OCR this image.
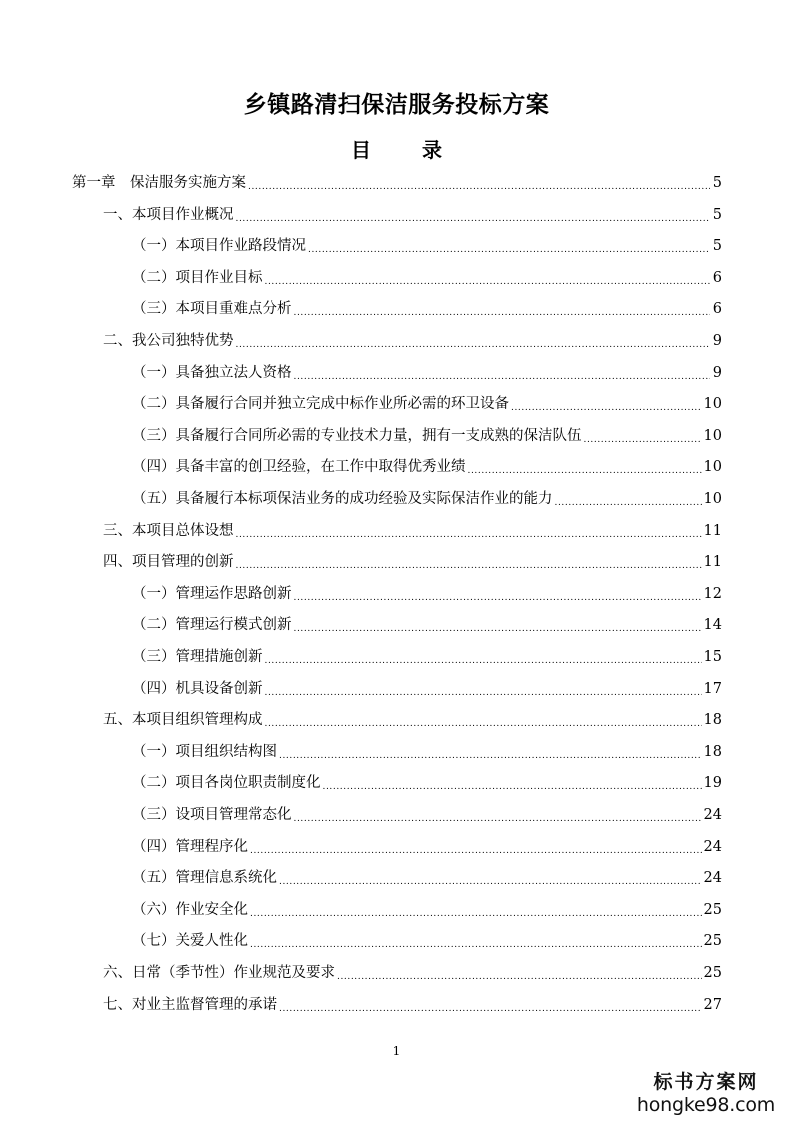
乡镇路清扫保洁服务投标方案
目 录
第一章　保洁服务实施方案 .....	5
一、本项目作业概况 .....	5
（一）本项目作业路段情况 .....	5
（二）项目作业目标 .....	6
（三）本项目重难点分析 .....	6
二、我公司独特优势 .....	9
（一）具备独立法人资格 .....	9
（二）具备履行合同并独立完成中标作业所必需的环卫设备 .....	10
（三）具备履行合同所必需的专业技术力量，拥有一支成熟的保洁队伍 .....	10
（四）具备丰富的创卫经验，在工作中取得优秀业绩 .....	10
（五）具备履行本标项保洁业务的成功经验及实际保洁作业的能力 .....	10
三、本项目总体设想 .....	11
四、项目管理的创新 .....	11
（一）管理运作思路创新 .....	12
（二）管理运行模式创新 .....	14
（三）管理措施创新 .....	15
（四）机具设备创新 .....	17
五、本项目组织管理构成 .....	18
（一）项目组织结构图 .....	18
（二）项目各岗位职责制度化 .....	19
（三）设项目管理常态化 .....	24
（四）管理程序化 .....	24
（五）管理信息系统化 .....	24
（六）作业安全化 .....	25
（七）关爱人性化 .....	25
六、日常（季节性）作业规范及要求 .....	25
七、对业主监督管理的承诺 .....	27
1
标书方案网
hongke98.com
